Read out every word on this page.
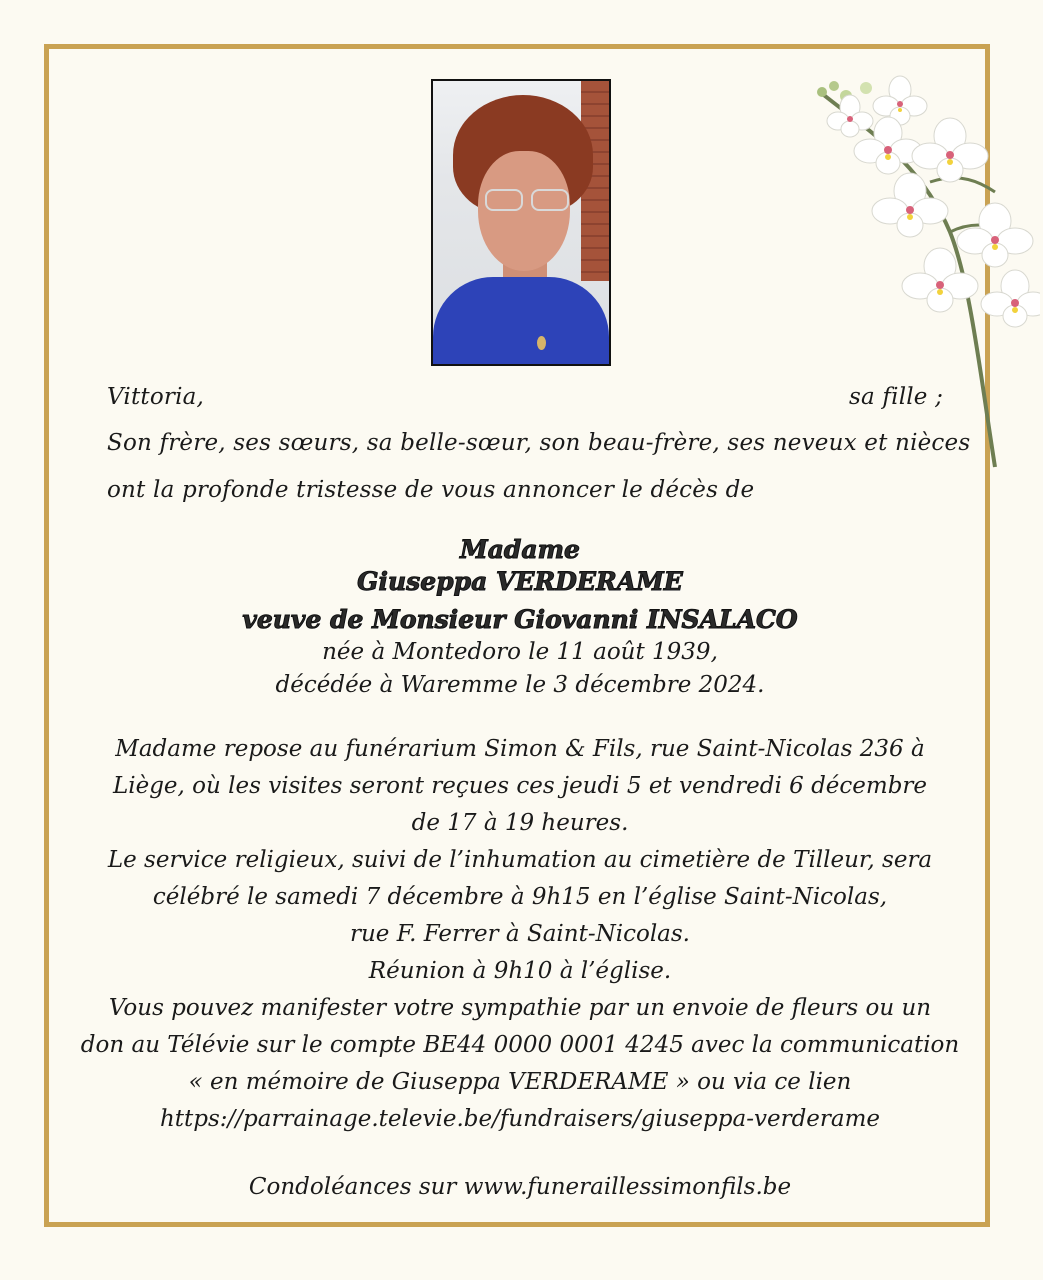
Vittoria,	sa fille ;
Son frère, ses sœurs, sa belle-sœur, son beau-frère, ses neveux et nièces
ont la profonde tristesse de vous annoncer le décès de
Madame
Giuseppa VERDERAME
veuve de Monsieur Giovanni INSALACO
née à Montedoro le 11 août 1939,
décédée à Waremme le 3 décembre 2024.
Madame repose au funérarium Simon & Fils, rue Saint-Nicolas 236 à
Liège, où les visites seront reçues ces jeudi 5 et vendredi 6 décembre
de 17 à 19 heures.
Le service religieux, suivi de l’inhumation au cimetière de Tilleur, sera
célébré le samedi 7 décembre à 9h15 en l’église Saint-Nicolas,
rue F. Ferrer à Saint-Nicolas.
Réunion à 9h10 à l’église.
Vous pouvez manifester votre sympathie par un envoie de fleurs ou un
don au Télévie sur le compte BE44 0000 0001 4245 avec la communication
« en mémoire de Giuseppa VERDERAME » ou via ce lien
https://parrainage.televie.be/fundraisers/giuseppa-verderame
Condoléances sur www.funeraillessimonfils.be
